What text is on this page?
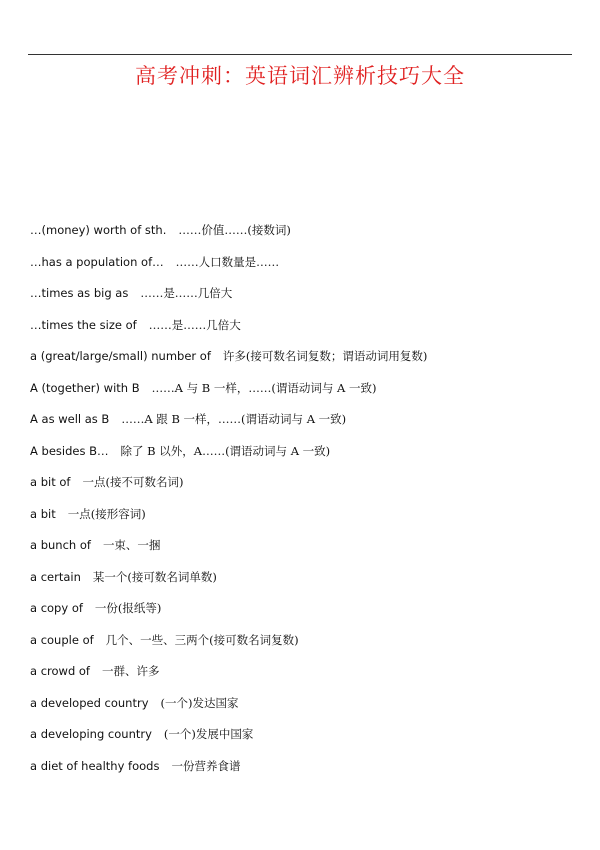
高考冲刺：英语词汇辨析技巧大全
…(money) worth of sth. ……价值……(接数词)
…has a population of… ……人口数量是……
…times as big as ……是……几倍大
…times the size of ……是……几倍大
a (great/large/small) number of 许多(接可数名词复数；谓语动词用复数)
A (together) with B ……A 与 B 一样，……(谓语动词与 A 一致)
A as well as B ……A 跟 B 一样，……(谓语动词与 A 一致)
A besides B… 除了 B 以外，A……(谓语动词与 A 一致)
a bit of 一点(接不可数名词)
a bit 一点(接形容词)
a bunch of 一束、一捆
a certain 某一个(接可数名词单数)
a copy of 一份(报纸等)
a couple of 几个、一些、三两个(接可数名词复数)
a crowd of 一群、许多
a developed country (一个)发达国家
a developing country (一个)发展中国家
a diet of healthy foods 一份营养食谱
